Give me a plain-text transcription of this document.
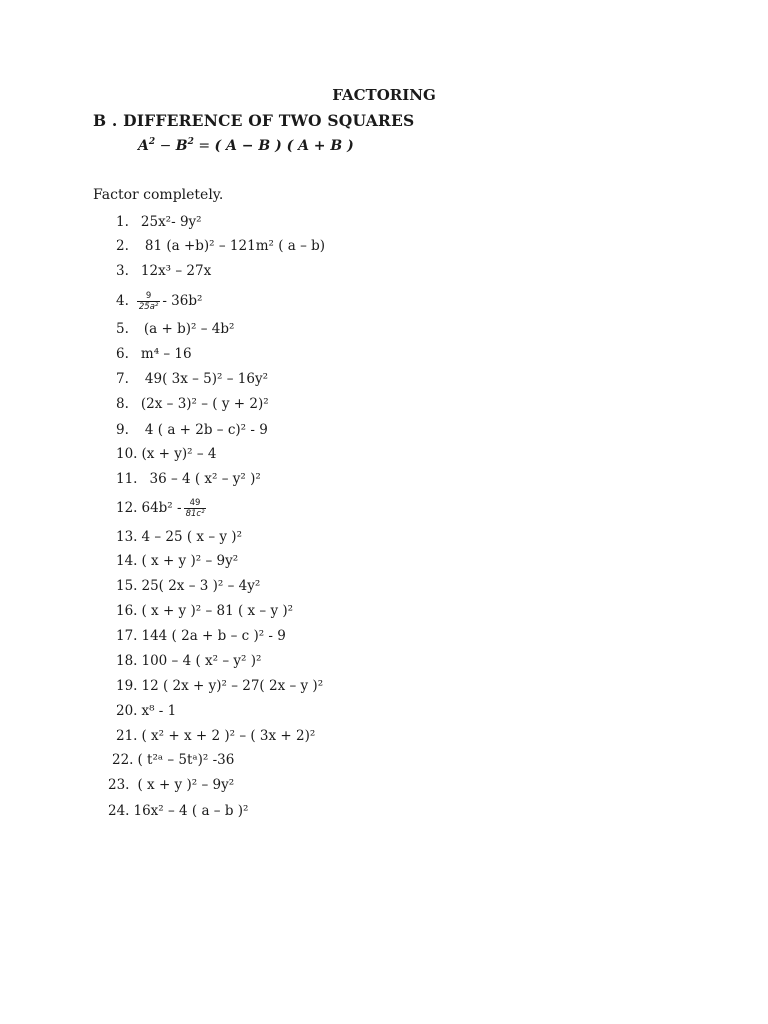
FACTORING
B . DIFFERENCE OF TWO SQUARES
$A^2 - B^2$ = ( A − B ) ( A + B )
Factor completely.
1. 25x²- 9y²
2. 81 (a +b)² – 121m² ( a – b)
3. 12x³ – 27x
4. $\frac{9}{\text{25a²}} - 36b^2$
5. (a + b)² – 4b²
6. m⁴ – 16
7. 49( 3x – 5)² – 16y²
8. (2x – 3)² – ( y + 2)²
9. 4 ( a + 2b – c)² - 9
10. (x + y)² – 4
11. 36 – 4 ( x² – y² )²
12. $64b^2 - \frac{49}{\text{81c²}}$
13. 4 – 25 ( x – y )²
14. ( x + y )² – 9y²
15. 25( 2x – 3 )² – 4y²
16. ( x + y )² – 81 ( x – y )²
17. 144 ( 2a + b – c )² - 9
18. 100 – 4 ( x² – y² )²
19. 12 ( 2x + y)² – 27( 2x – y )²
20. x⁸ - 1
21. ( x² + x + 2 )² – ( 3x + 2)²
22. ( t²ᵃ – 5tᵃ)² -36
23. ( x + y )² – 9y²
24. 16x² – 4 ( a – b )²
